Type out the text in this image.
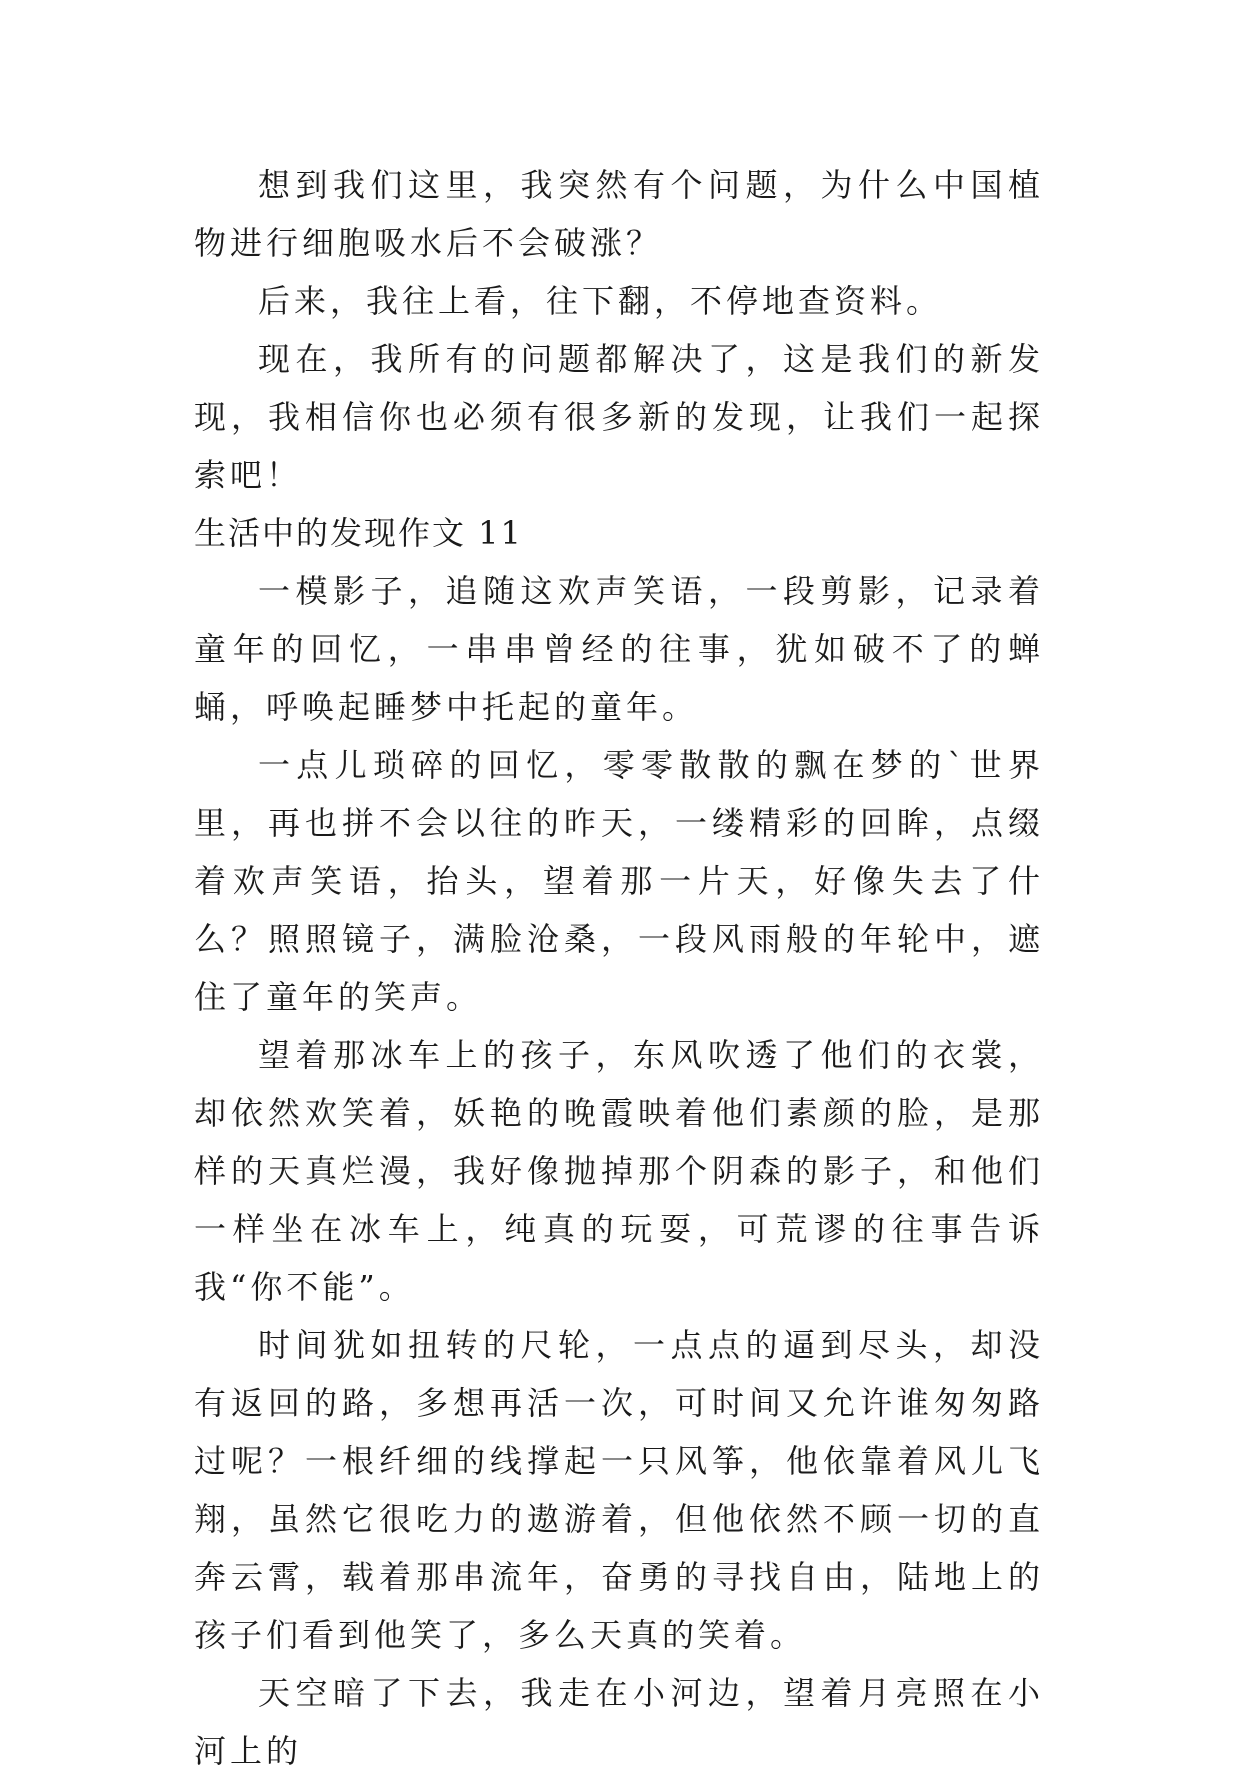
想到我们这里，我突然有个问题，为什么中国植物进行细胞吸水后不会破涨？

后来，我往上看，往下翻，不停地查资料。

现在，我所有的问题都解决了，这是我们的新发现，我相信你也必须有很多新的发现，让我们一起探索吧！

生活中的发现作文 11

一模影子，追随这欢声笑语，一段剪影，记录着童年的回忆，一串串曾经的往事，犹如破不了的蝉蛹，呼唤起睡梦中托起的童年。

一点儿琐碎的回忆，零零散散的飘在梦的`世界里，再也拼不会以往的昨天，一缕精彩的回眸，点缀着欢声笑语，抬头，望着那一片天，好像失去了什么？照照镜子，满脸沧桑，一段风雨般的年轮中，遮住了童年的笑声。

望着那冰车上的孩子，东风吹透了他们的衣裳，却依然欢笑着，妖艳的晚霞映着他们素颜的脸，是那样的天真烂漫，我好像抛掉那个阴森的影子，和他们一样坐在冰车上，纯真的玩耍，可荒谬的往事告诉我“你不能”。

时间犹如扭转的尺轮，一点点的逼到尽头，却没有返回的路，多想再活一次，可时间又允许谁匆匆路过呢？一根纤细的线撑起一只风筝，他依靠着风儿飞翔，虽然它很吃力的遨游着，但他依然不顾一切的直奔云霄，载着那串流年，奋勇的寻找自由，陆地上的孩子们看到他笑了，多么天真的笑着。

天空暗了下去，我走在小河边，望着月亮照在小河上的
